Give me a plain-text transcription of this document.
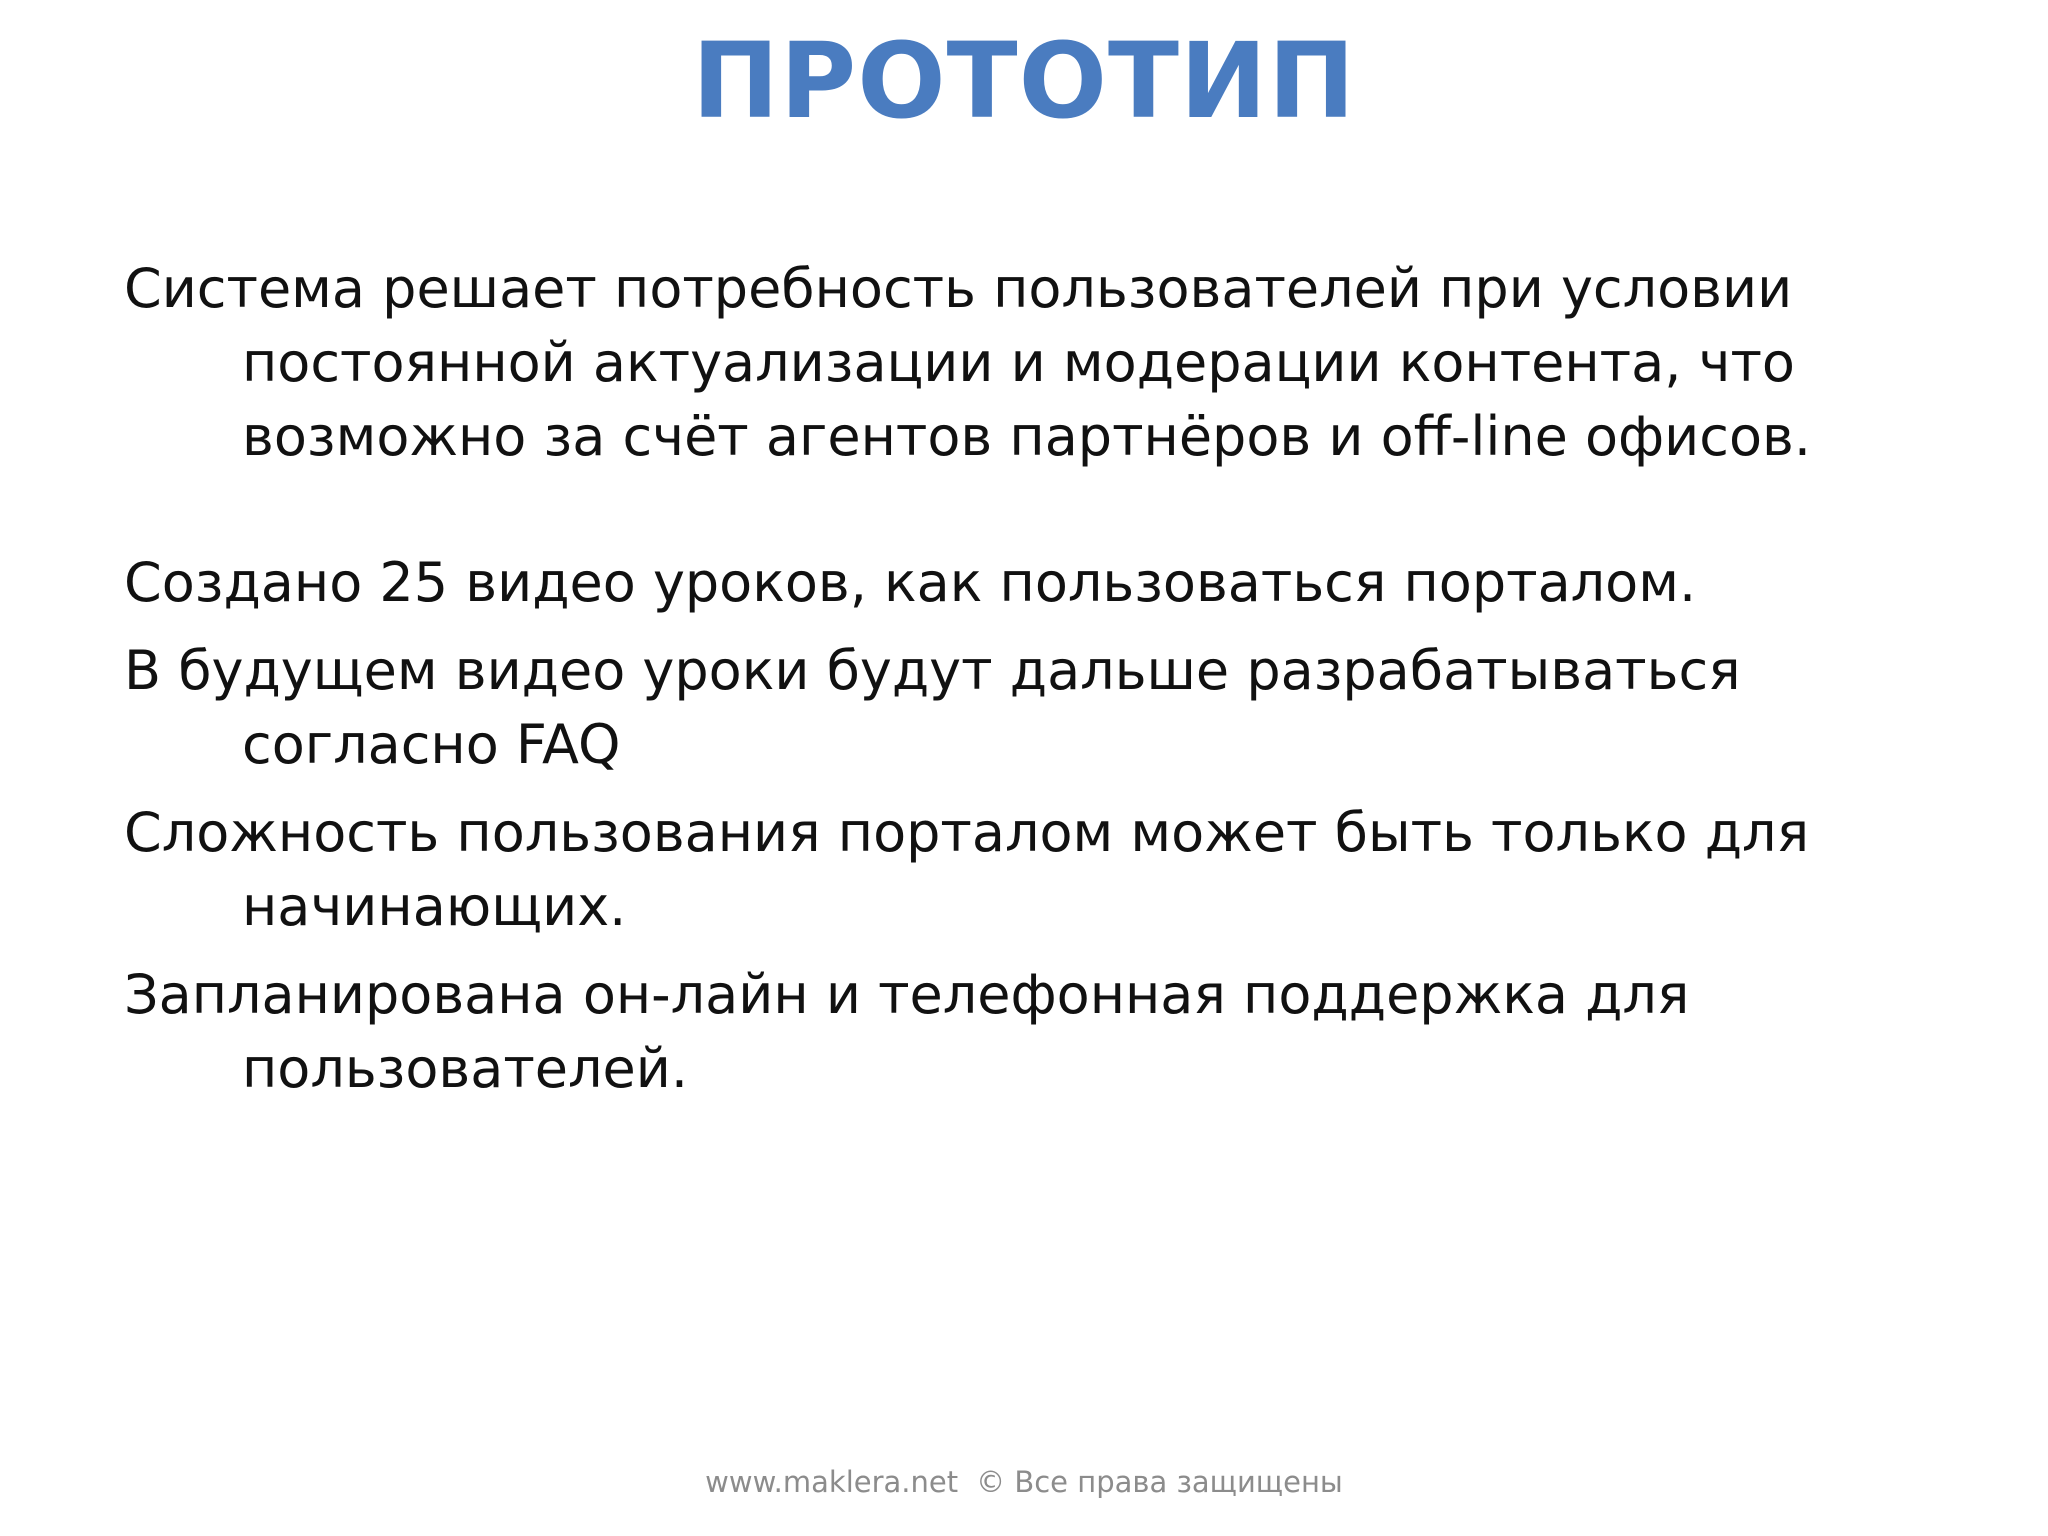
ПРОТОТИП

Система решает потребность пользователей при условии постоянной актуализации и модерации контента, что возможно за счёт агентов партнёров и off-line офисов.

Создано 25 видео уроков, как пользоваться порталом.

В будущем видео уроки будут дальше разрабатываться согласно FAQ

Сложность пользования порталом может быть только для начинающих.

Запланирована он-лайн и телефонная поддержка для пользователей.

www.maklera.net © Все права защищены
